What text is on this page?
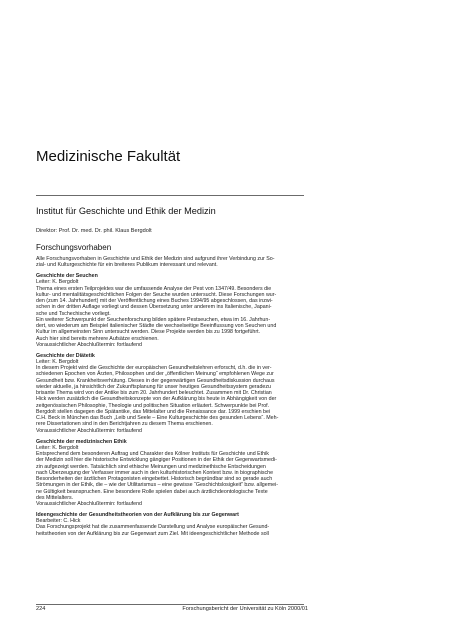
Medizinische Fakultät
Institut für Geschichte und Ethik der Medizin
Direktor: Prof. Dr. med. Dr. phil. Klaus Bergdolt
Forschungsvorhaben

Alle Forschungsvorhaben in Geschichte und Ethik der Medizin sind aufgrund ihrer Verbindung zur So-
zial- und Kulturgeschichte für ein breiteres Publikum interessant und relevant.

Geschichte der Seuchen
Leiter: K. Bergdolt

Thema eines ersten Teilprojektes war die umfassende Analyse der Pest von 1347/49. Besonders die
kultur- und mentalitätsgeschichtlichen Folgen der Seuche wurden untersucht. Diese Forschungen wur-
den (zum 14. Jahrhundert) mit der Veröffentlichung eines Buches 1994/95 abgeschlossen, das inzwi-
schen in der dritten Auflage vorliegt und dessen Übersetzung unter anderem ins Italienische, Japani-
sche und Tschechische vorliegt.

Ein weiterer Schwerpunkt der Seuchenforschung bilden spätere Pestseuchen, etwa im 16. Jahrhun-
dert, wo wiederum am Beispiel italienischer Städte die wechselseitige Beeinflussung von Seuchen und
Kultur im allgemeinsten Sinn untersucht werden. Diese Projekte werden bis zu 1998 fortgeführt.
Auch hier sind bereits mehrere Aufsätze erschienen.
Voraussichtlicher Abschlußtermin: fortlaufend

Geschichte der Diätetik
Leiter: K. Bergdolt

In diesem Projekt wird die Geschichte der europäischen Gesundheitslehren erforscht, d.h. die in ver-
schiedenen Epochen von Ärzten, Philosophen und der „öffentlichen Meinung“ empfohlenen Wege zur
Gesundheit bzw. Krankheitsverhütung. Dieses in der gegenwärtigen Gesundheitsdiskussion durchaus
wieder aktuelle, ja hinsichtlich der Zukunftsplanung für unser heutiges Gesundheitssystem geradezu
brisante Thema wird von der Antike bis zum 20. Jahrhundert beleuchtet. Zusammen mit Dr. Christian
Hick werden zusätzlich die Gesundheitskonzepte von der Aufklärung bis heute in Abhängigkeit von der
zeitgenössischen Philosophie, Theologie und politischen Situation erläutert. Schwerpunkte bei Prof.
Bergdolt stellen dagegen die Spätantike, das Mittelalter und die Renaissance dar. 1999 erschien bei
C.H. Beck in München das Buch „Leib und Seele – Eine Kulturgeschichte des gesunden Lebens“. Meh-
rere Dissertationen sind in den Berichtjahren zu diesem Thema erschienen.
Voraussichtlicher Abschlußtermin: fortlaufend

Geschichte der medizinischen Ethik
Leiter: K. Bergdolt

Entsprechend dem besonderen Auftrag und Charakter des Kölner Instituts für Geschichte und Ethik
der Medizin soll hier die historische Entwicklung gängiger Positionen in der Ethik der Gegenwartsmedi-
zin aufgezeigt werden. Tatsächlich sind ethische Meinungen und medizinethische Entscheidungen
nach Überzeugung der Verfasser immer auch in den kulturhistorischen Kontext bzw. in biographische
Besonderheiten der ärztlichen Protagonisten eingebettet. Historisch begründbar sind so gerade auch
Strömungen in der Ethik, die – wie der Utilitarismus – eine gewisse “Geschichtslosigkeit” bzw. allgemei-
ne Gültigkeit beanspruchen. Eine besondere Rolle spielen dabei auch ärztlichdeontologische Texte
des Mittelalters.
Voraussichtlicher Abschlußtermin: fortlaufend

Ideengeschichte der Gesundheitstheorien von der Aufklärung bis zur Gegenwart
Bearbeiter: C. Hick

Das Forschungsprojekt hat die zusammenfassende Darstellung und Analyse europäischer Gesund-
heitstheorien von der Aufklärung bis zur Gegenwart zum Ziel. Mit ideengeschichtlicher Methode soll

224	Forschungsbericht der Universität zu Köln 2000/01
